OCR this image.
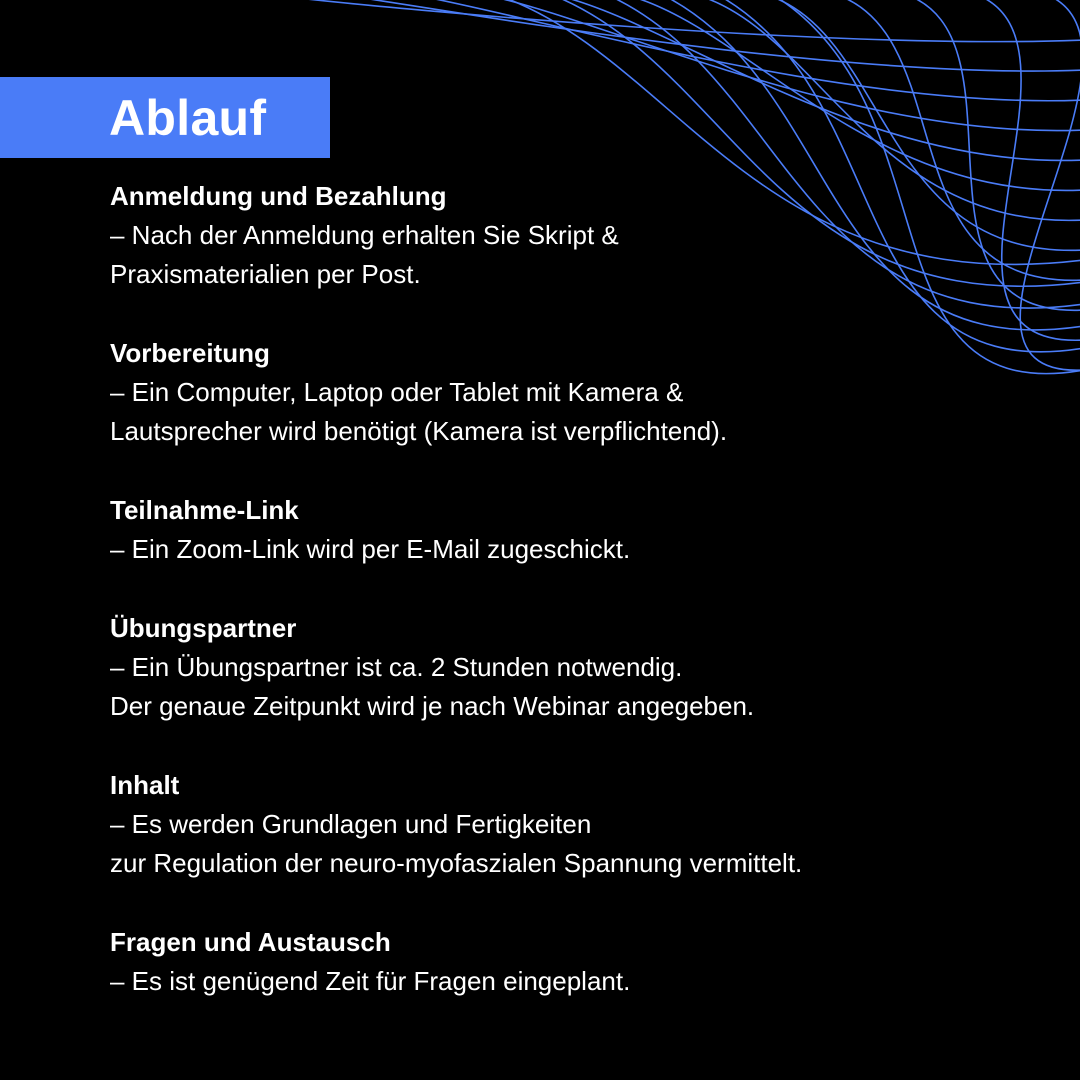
Ablauf

Anmeldung und Bezahlung

– Nach der Anmeldung erhalten Sie Skript &

Praxismaterialien per Post.

Vorbereitung

– Ein Computer, Laptop oder Tablet mit Kamera &

Lautsprecher wird benötigt (Kamera ist verpflichtend).

Teilnahme-Link

– Ein Zoom-Link wird per E-Mail zugeschickt.

Übungspartner

– Ein Übungspartner ist ca. 2 Stunden notwendig.

Der genaue Zeitpunkt wird je nach Webinar angegeben.

Inhalt

– Es werden Grundlagen und Fertigkeiten

zur Regulation der neuro-myofaszialen Spannung vermittelt.

Fragen und Austausch

– Es ist genügend Zeit für Fragen eingeplant.
